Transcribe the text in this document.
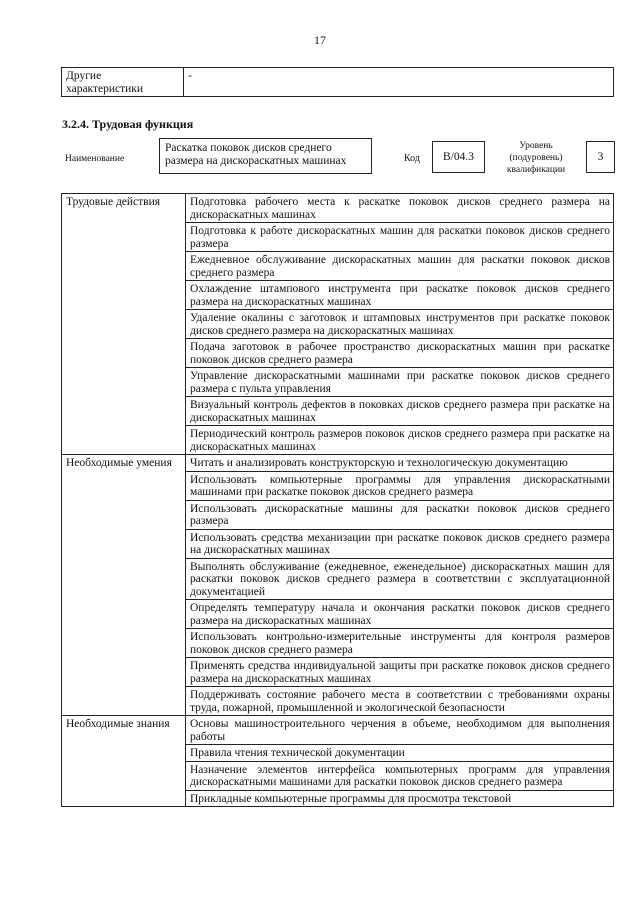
17
Другие характеристики	-
3.2.4. Трудовая функция
Наименование
Раскатка поковок дисков среднего размера на дискораскатных машинах	Код	В/04.3
Уровень (подуровень) квалификации
3
Трудовые действия	Подготовка рабочего места к раскатке поковок дисков среднего размера на дискораскатных машинах
	Подготовка к работе дискораскатных машин для раскатки поковок дисков среднего размера
	Ежедневное обслуживание дискораскатных машин для раскатки поковок дисков среднего размера
	Охлаждение штампового инструмента при раскатке поковок дисков среднего размера на дискораскатных машинах
	Удаление окалины с заготовок и штамповых инструментов при раскатке поковок дисков среднего размера на дискораскатных машинах
	Подача заготовок в рабочее пространство дискораскатных машин при раскатке поковок дисков среднего размера
	Управление дискораскатными машинами при раскатке поковок дисков среднего размера с пульта управления
	Визуальный контроль дефектов в поковках дисков среднего размера при раскатке на дискораскатных машинах
	Периодический контроль размеров поковок дисков среднего размера при раскатке на дискораскатных машинах
Необходимые умения	Читать и анализировать конструкторскую и технологическую документацию
	Использовать компьютерные программы для управления дискораскатными машинами при раскатке поковок дисков среднего размера
	Использовать дискораскатные машины для раскатки поковок дисков среднего размера
	Использовать средства механизации при раскатке поковок дисков среднего размера на дискораскатных машинах
	Выполнять обслуживание (ежедневное, еженедельное) дискораскатных машин для раскатки поковок дисков среднего размера в соответствии с эксплуатационной документацией
	Определять температуру начала и окончания раскатки поковок дисков среднего размера на дискораскатных машинах
	Использовать контрольно-измерительные инструменты для контроля размеров поковок дисков среднего размера
	Применять средства индивидуальной защиты при раскатке поковок дисков среднего размера на дискораскатных машинах
	Поддерживать состояние рабочего места в соответствии с требованиями охраны труда, пожарной, промышленной и экологической безопасности
Необходимые знания	Основы машиностроительного черчения в объеме, необходимом для выполнения работы
	Правила чтения технической документации
	Назначение элементов интерфейса компьютерных программ для управления дискораскатными машинами для раскатки поковок дисков среднего размера
	Прикладные компьютерные программы для просмотра текстовой
